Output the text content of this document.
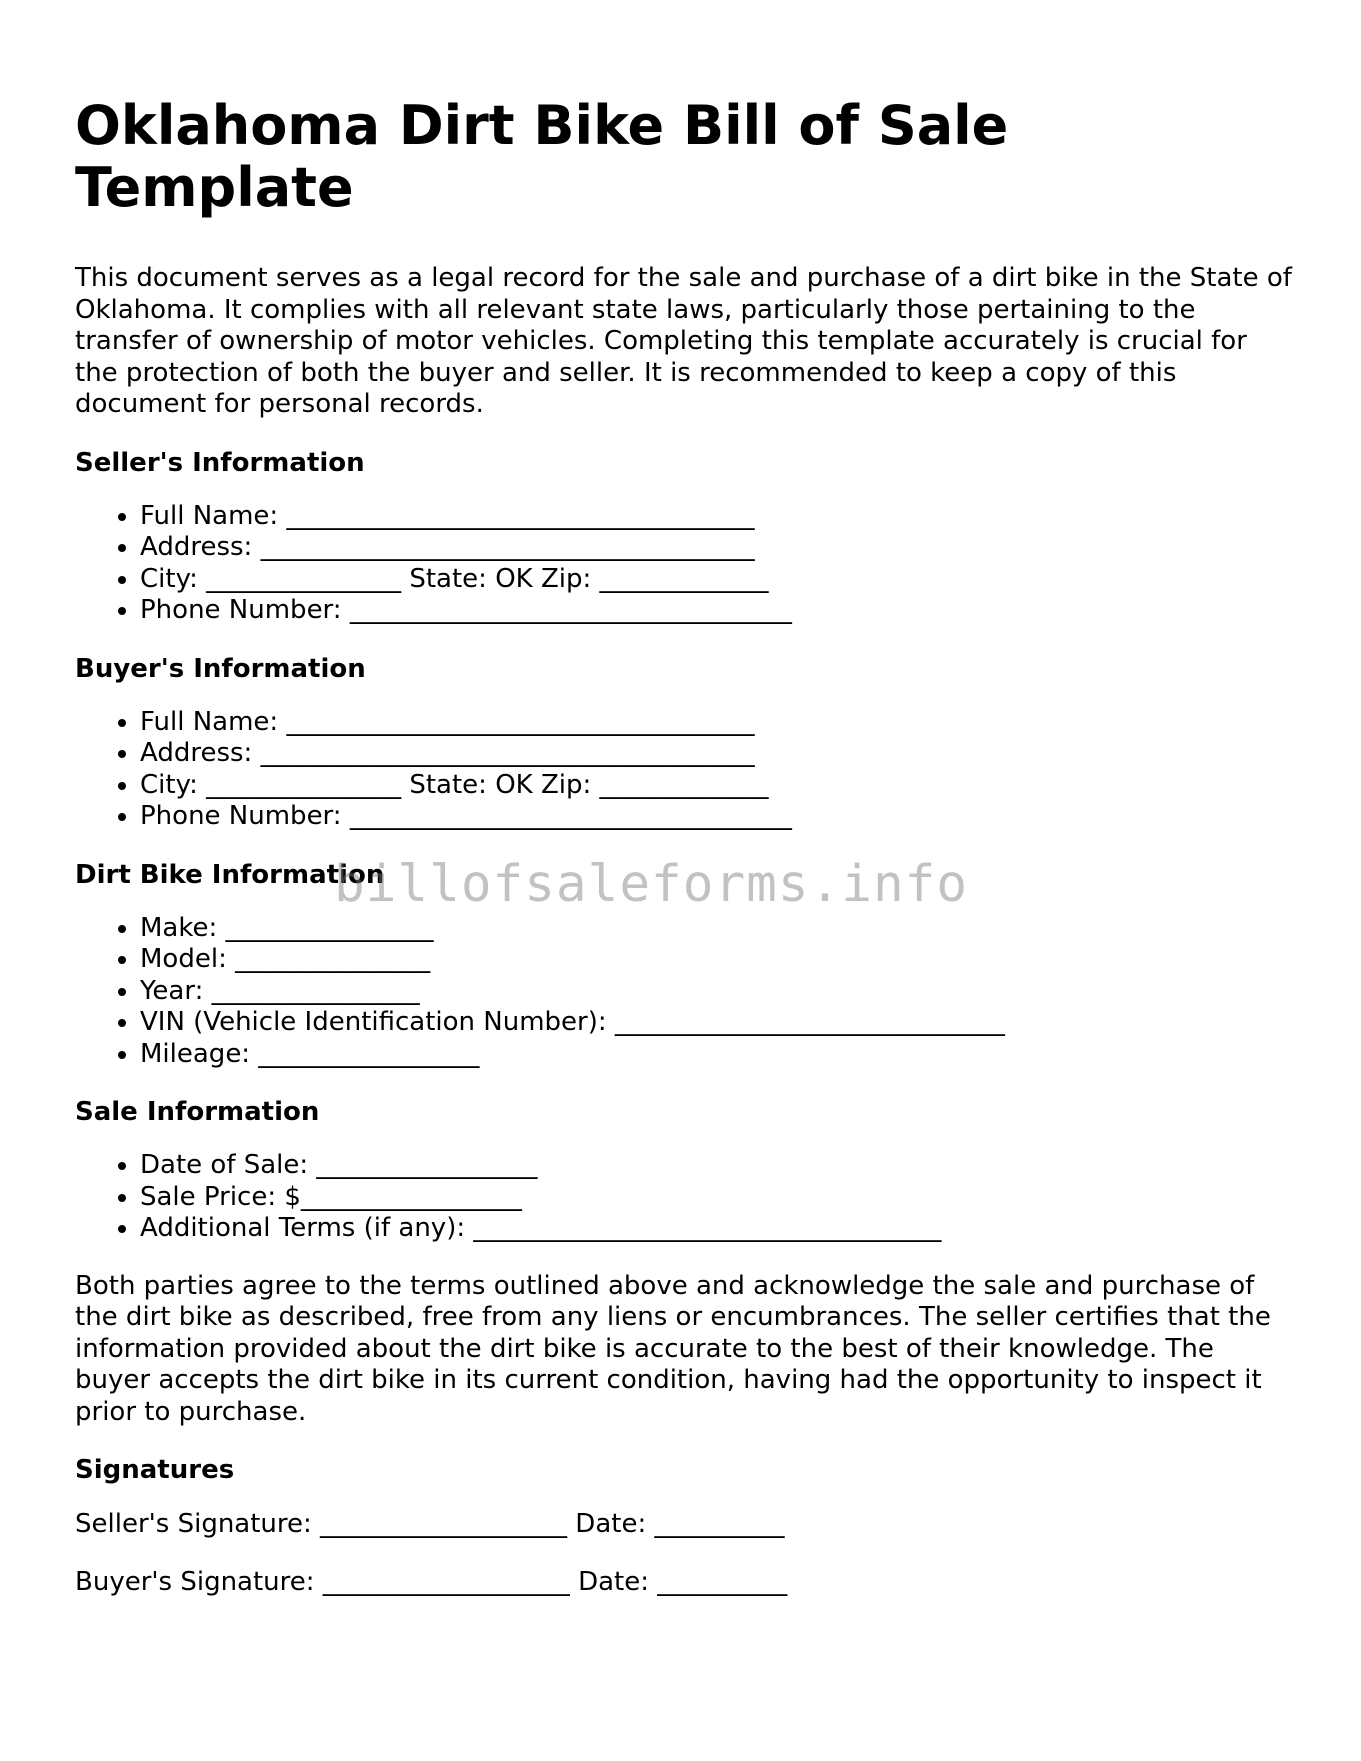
Oklahoma Dirt Bike Bill of Sale Template

This document serves as a legal record for the sale and purchase of a dirt bike in the State of Oklahoma. It complies with all relevant state laws, particularly those pertaining to the transfer of ownership of motor vehicles. Completing this template accurately is crucial for the protection of both the buyer and seller. It is recommended to keep a copy of this document for personal records.

Seller's Information
• Full Name: ____________________________________
• Address: ______________________________________
• City: _______________ State: OK Zip: _____________
• Phone Number: __________________________________
Buyer's Information
• Full Name: ____________________________________
• Address: ______________________________________
• City: _______________ State: OK Zip: _____________
• Phone Number: __________________________________
Dirt Bike Information
• Make: ________________
• Model: _______________
• Year: ________________
• VIN (Vehicle Identification Number): ______________________________
• Mileage: _________________
Sale Information
• Date of Sale: _________________
• Sale Price: $_________________
• Additional Terms (if any): ____________________________________

Both parties agree to the terms outlined above and acknowledge the sale and purchase of the dirt bike as described, free from any liens or encumbrances. The seller certifies that the information provided about the dirt bike is accurate to the best of their knowledge. The buyer accepts the dirt bike in its current condition, having had the opportunity to inspect it prior to purchase.

Signatures

Seller's Signature: ___________________ Date: __________

Buyer's Signature: ___________________ Date: __________

billofsaleforms.info
